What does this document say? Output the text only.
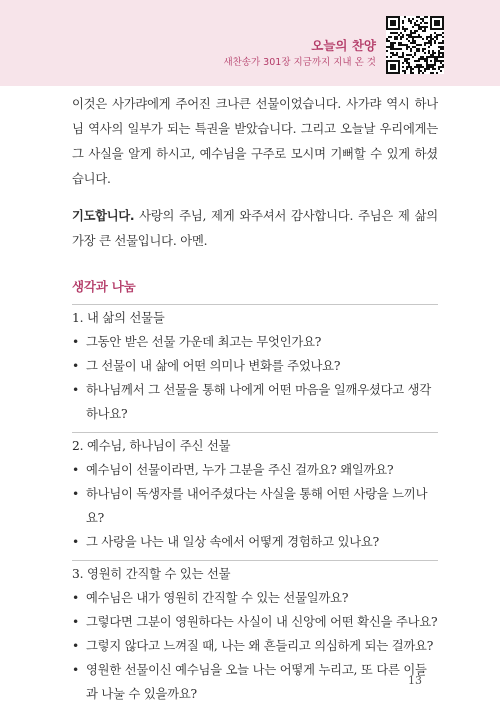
오늘의 찬양
새찬송가 301장 지금까지 지내 온 것

이것은 사가랴에게 주어진 크나큰 선물이었습니다. 사가랴 역시 하나님 역사의 일부가 되는 특권을 받았습니다. 그리고 오늘날 우리에게는 그 사실을 알게 하시고, 예수님을 구주로 모시며 기뻐할 수 있게 하셨습니다.

기도합니다. 사랑의 주님, 제게 와주셔서 감사합니다. 주님은 제 삶의 가장 큰 선물입니다. 아멘.

생각과 나눔
1. 내 삶의 선물들
• 그동안 받은 선물 가운데 최고는 무엇인가요?
• 그 선물이 내 삶에 어떤 의미나 변화를 주었나요?
• 하나님께서 그 선물을 통해 나에게 어떤 마음을 일깨우셨다고 생각하나요?
2. 예수님, 하나님이 주신 선물
• 예수님이 선물이라면, 누가 그분을 주신 걸까요? 왜일까요?
• 하나님이 독생자를 내어주셨다는 사실을 통해 어떤 사랑을 느끼나요?
• 그 사랑을 나는 내 일상 속에서 어떻게 경험하고 있나요?
3. 영원히 간직할 수 있는 선물
• 예수님은 내가 영원히 간직할 수 있는 선물일까요?
• 그렇다면 그분이 영원하다는 사실이 내 신앙에 어떤 확신을 주나요?
• 그렇지 않다고 느껴질 때, 나는 왜 흔들리고 의심하게 되는 걸까요?
• 영원한 선물이신 예수님을 오늘 나는 어떻게 누리고, 또 다른 이들과 나눌 수 있을까요?
13
